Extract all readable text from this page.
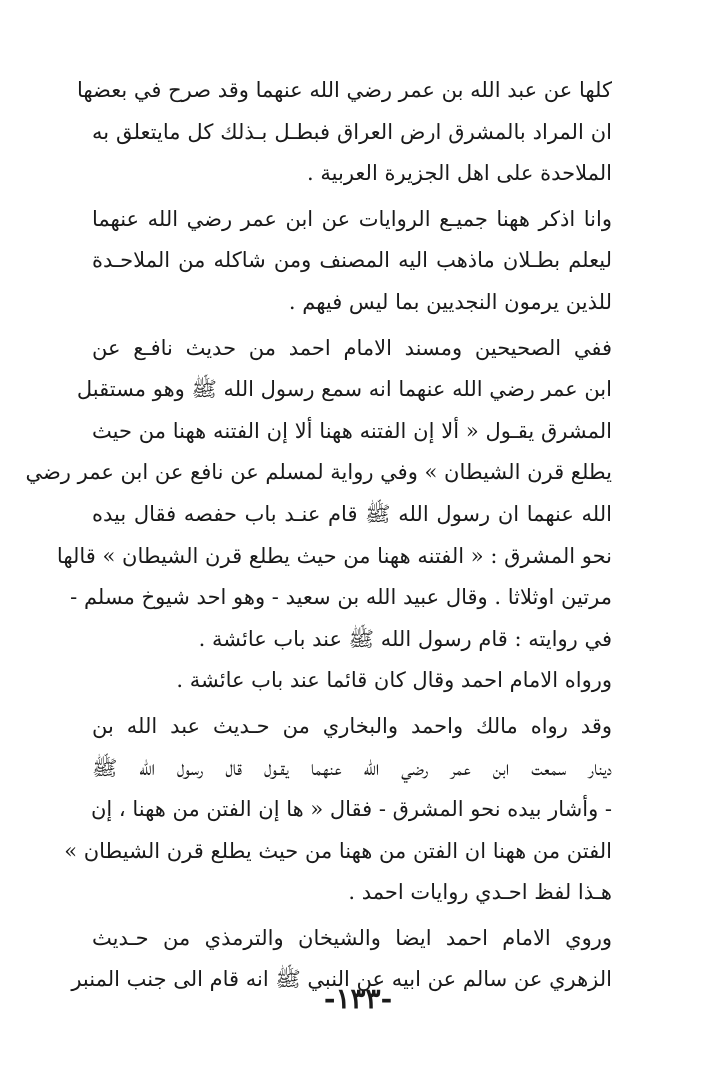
كلها عن عبد الله بن عمر رضي الله عنهما وقد صرح في بعضها
ان المراد بالمشرق ارض العراق فبطـل بـذلك كل مايتعلق به
الملاحدة على اهل الجزيرة العربية .
وانا اذكر ههنا جميـع الروايات عن ابن عمر رضي الله عنهما
ليعلم بطـلان ماذهب اليه المصنف ومن شاكله من الملاحـدة
للذين يرمون النجديين بما ليس فيهم .
ففي الصحيحين ومسند الامام احمد من حديث نافـع عن
ابن عمر رضي الله عنهما انه سمع رسول الله ﷺ وهو مستقبل
المشرق يقـول « ألا إن الفتنه ههنا ألا إن الفتنه ههنا من حيث
يطلع قرن الشيطان » وفي رواية لمسلم عن نافع عن ابن عمر رضي
الله عنهما ان رسول الله ﷺ قام عنـد باب حفصه فقال بيده
نحو المشرق : « الفتنه ههنا من حيث يطلع قرن الشيطان » قالها
مرتين اوثلاثا . وقال عبيد الله بن سعيد - وهو احد شيوخ مسلم -
في روايته : قام رسول الله ﷺ عند باب عائشة .
ورواه الامام احمد وقال كان قائما عند باب عائشة .
وقد رواه مالك واحمد والبخاري من حـديث عبد الله بن
دينار سمعت ابن عمر رضي الله عنهما يقـول قال رسول الله ﷺ
- وأشار بيده نحو المشرق - فقال « ها إن الفتن من ههنا ، إن
الفتن من ههنا ان الفتن من ههنا من حيث يطلع قرن الشيطان »
هـذا لفظ احـدي روايات احمد .
وروي الامام احمد ايضا والشيخان والترمذي من حـديث
الزهري عن سالم عن ابيه عن النبي ﷺ انه قام الى جنب المنبر
-١٣٣-
